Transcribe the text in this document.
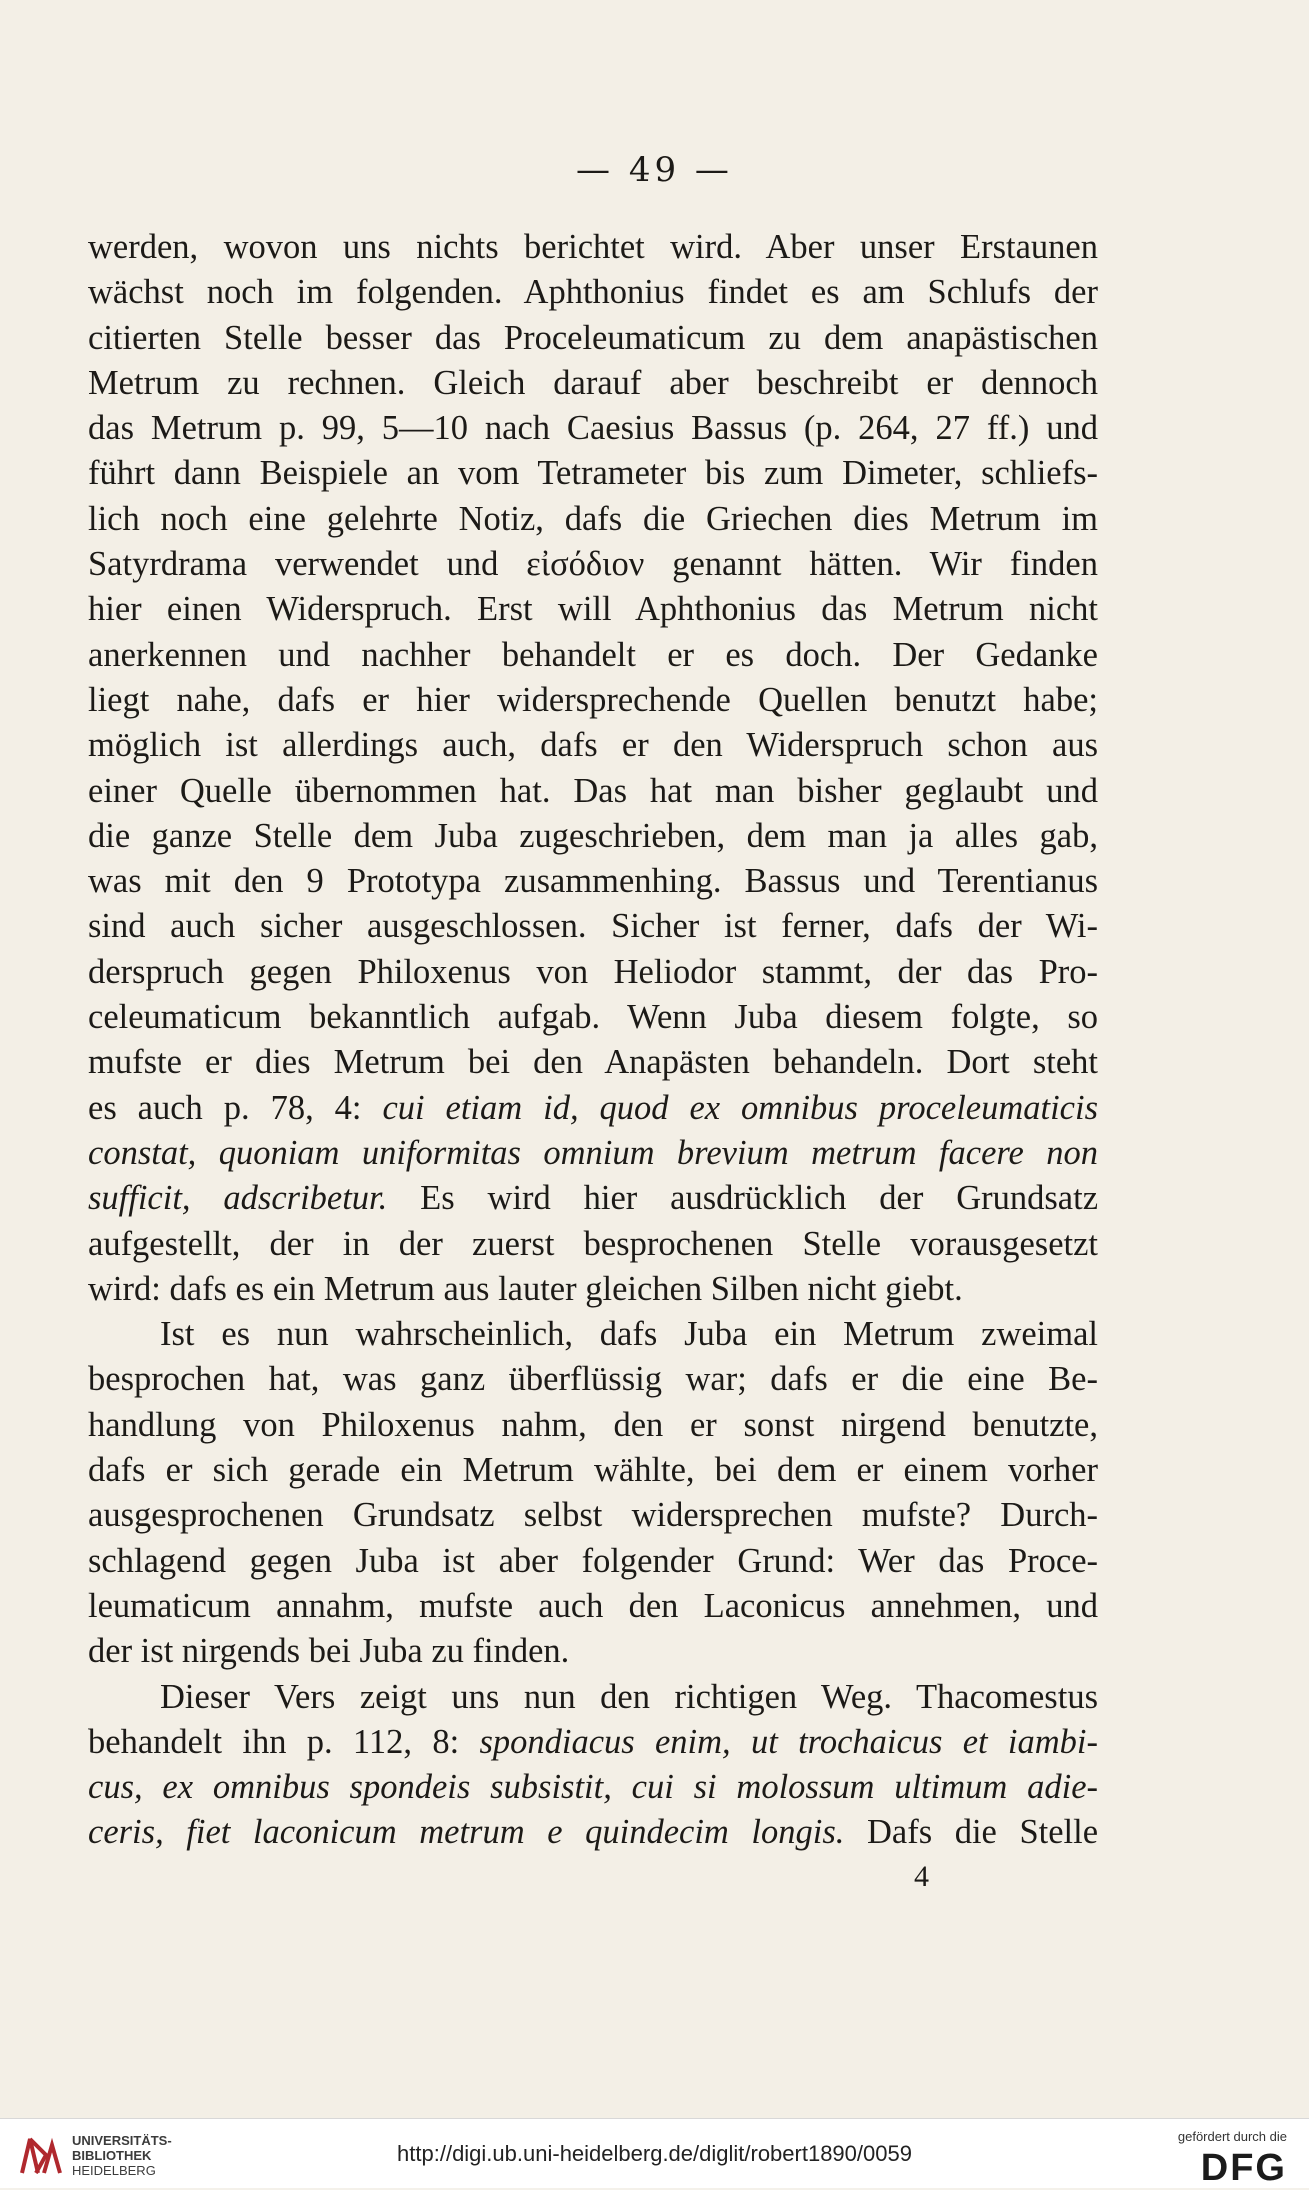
— 49 —
werden, wovon uns nichts berichtet wird. Aber unser Erstaunen
wächst noch im folgenden. Aphthonius findet es am Schlufs der
citierten Stelle besser das Proceleumaticum zu dem anapästischen
Metrum zu rechnen. Gleich darauf aber beschreibt er dennoch
das Metrum p. 99, 5—10 nach Caesius Bassus (p. 264, 27 ff.) und
führt dann Beispiele an vom Tetrameter bis zum Dimeter, schliefs-
lich noch eine gelehrte Notiz, dafs die Griechen dies Metrum im
Satyrdrama verwendet und εἰσόδιον genannt hätten. Wir finden
hier einen Widerspruch. Erst will Aphthonius das Metrum nicht
anerkennen und nachher behandelt er es doch. Der Gedanke
liegt nahe, dafs er hier widersprechende Quellen benutzt habe;
möglich ist allerdings auch, dafs er den Widerspruch schon aus
einer Quelle übernommen hat. Das hat man bisher geglaubt und
die ganze Stelle dem Juba zugeschrieben, dem man ja alles gab,
was mit den 9 Prototypa zusammenhing. Bassus und Terentianus
sind auch sicher ausgeschlossen. Sicher ist ferner, dafs der Wi-
derspruch gegen Philoxenus von Heliodor stammt, der das Pro-
celeumaticum bekanntlich aufgab. Wenn Juba diesem folgte, so
mufste er dies Metrum bei den Anapästen behandeln. Dort steht
es auch p. 78, 4: cui etiam id, quod ex omnibus proceleumaticis
constat, quoniam uniformitas omnium brevium metrum facere non
sufficit, adscribetur. Es wird hier ausdrücklich der Grundsatz
aufgestellt, der in der zuerst besprochenen Stelle vorausgesetzt
wird: dafs es ein Metrum aus lauter gleichen Silben nicht giebt.
Ist es nun wahrscheinlich, dafs Juba ein Metrum zweimal
besprochen hat, was ganz überflüssig war; dafs er die eine Be-
handlung von Philoxenus nahm, den er sonst nirgend benutzte,
dafs er sich gerade ein Metrum wählte, bei dem er einem vorher
ausgesprochenen Grundsatz selbst widersprechen mufste? Durch-
schlagend gegen Juba ist aber folgender Grund: Wer das Proce-
leumaticum annahm, mufste auch den Laconicus annehmen, und
der ist nirgends bei Juba zu finden.
Dieser Vers zeigt uns nun den richtigen Weg. Thacomestus
behandelt ihn p. 112, 8: spondiacus enim, ut trochaicus et iambi-
cus, ex omnibus spondeis subsistit, cui si molossum ultimum adie-
ceris, fiet laconicum metrum e quindecim longis. Dafs die Stelle
4
UNIVERSITÄTS-
BIBLIOTHEK
HEIDELBERG
http://digi.ub.uni-heidelberg.de/diglit/robert1890/0059
gefördert durch die
DFG
